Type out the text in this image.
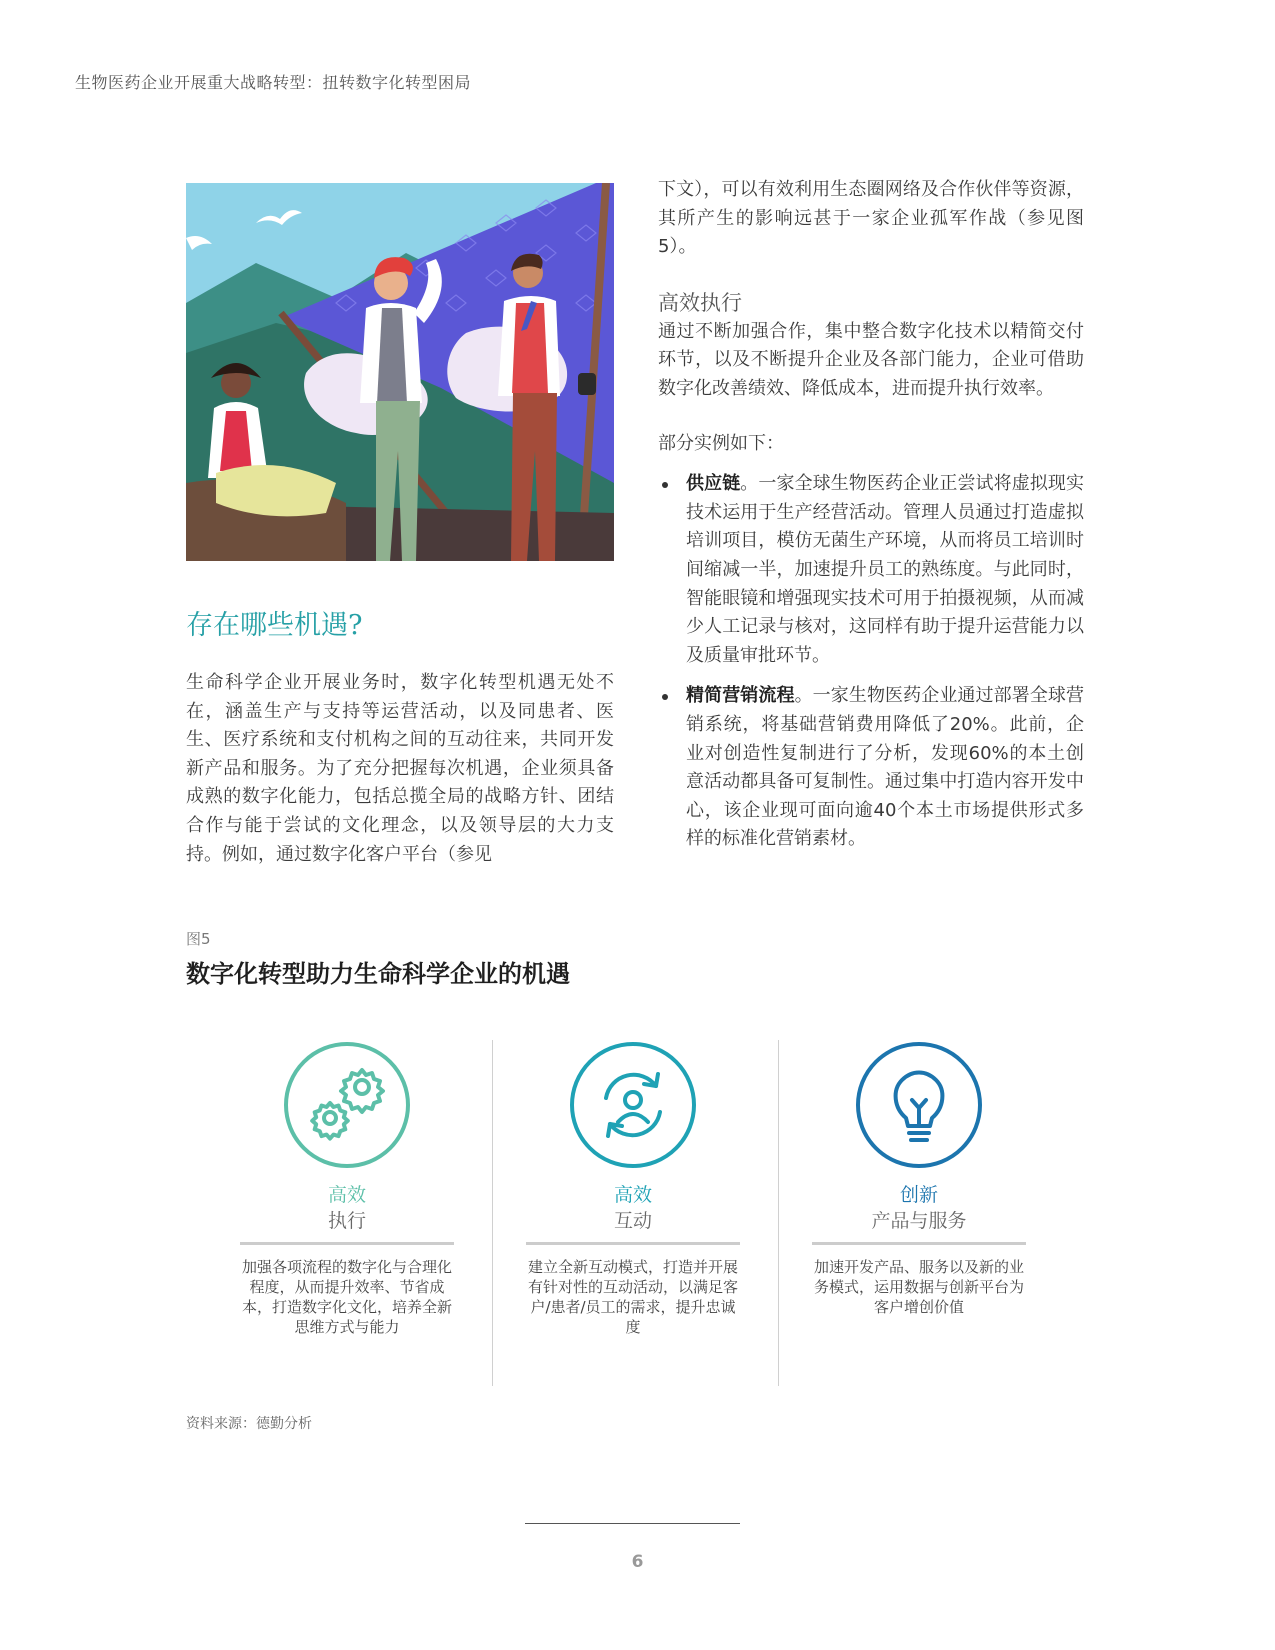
生物医药企业开展重大战略转型：扭转数字化转型困局
存在哪些机遇?
生命科学企业开展业务时，数字化转型机遇无处不在，涵盖生产与支持等运营活动，以及同患者、医生、医疗系统和支付机构之间的互动往来，共同开发新产品和服务。为了充分把握每次机遇，企业须具备成熟的数字化能力，包括总揽全局的战略方针、团结合作与能于尝试的文化理念，以及领导层的大力支持。例如，通过数字化客户平台（参见

下文），可以有效利用生态圈网络及合作伙伴等资源，其所产生的影响远甚于一家企业孤军作战（参见图5）。

高效执行

通过不断加强合作，集中整合数字化技术以精简交付环节，以及不断提升企业及各部门能力，企业可借助数字化改善绩效、降低成本，进而提升执行效率。

部分实例如下：

供应链。一家全球生物医药企业正尝试将虚拟现实技术运用于生产经营活动。管理人员通过打造虚拟培训项目，模仿无菌生产环境，从而将员工培训时间缩减一半，加速提升员工的熟练度。与此同时，智能眼镜和增强现实技术可用于拍摄视频，从而减少人工记录与核对，这同样有助于提升运营能力以及质量审批环节。
精简营销流程。一家生物医药企业通过部署全球营销系统，将基础营销费用降低了20%。此前，企业对创造性复制进行了分析，发现60%的本土创意活动都具备可复制性。通过集中打造内容开发中心，该企业现可面向逾40个本土市场提供形式多样的标准化营销素材。
图5
数字化转型助力生命科学企业的机遇
高效
执行
加强各项流程的数字化与合理化程度，从而提升效率、节省成本，打造数字化文化，培养全新思维方式与能力
高效
互动
建立全新互动模式，打造并开展有针对性的互动活动，以满足客户/患者/员工的需求，提升忠诚度
创新
产品与服务
加速开发产品、服务以及新的业务模式，运用数据与创新平台为客户增创价值
资料来源：德勤分析
6
